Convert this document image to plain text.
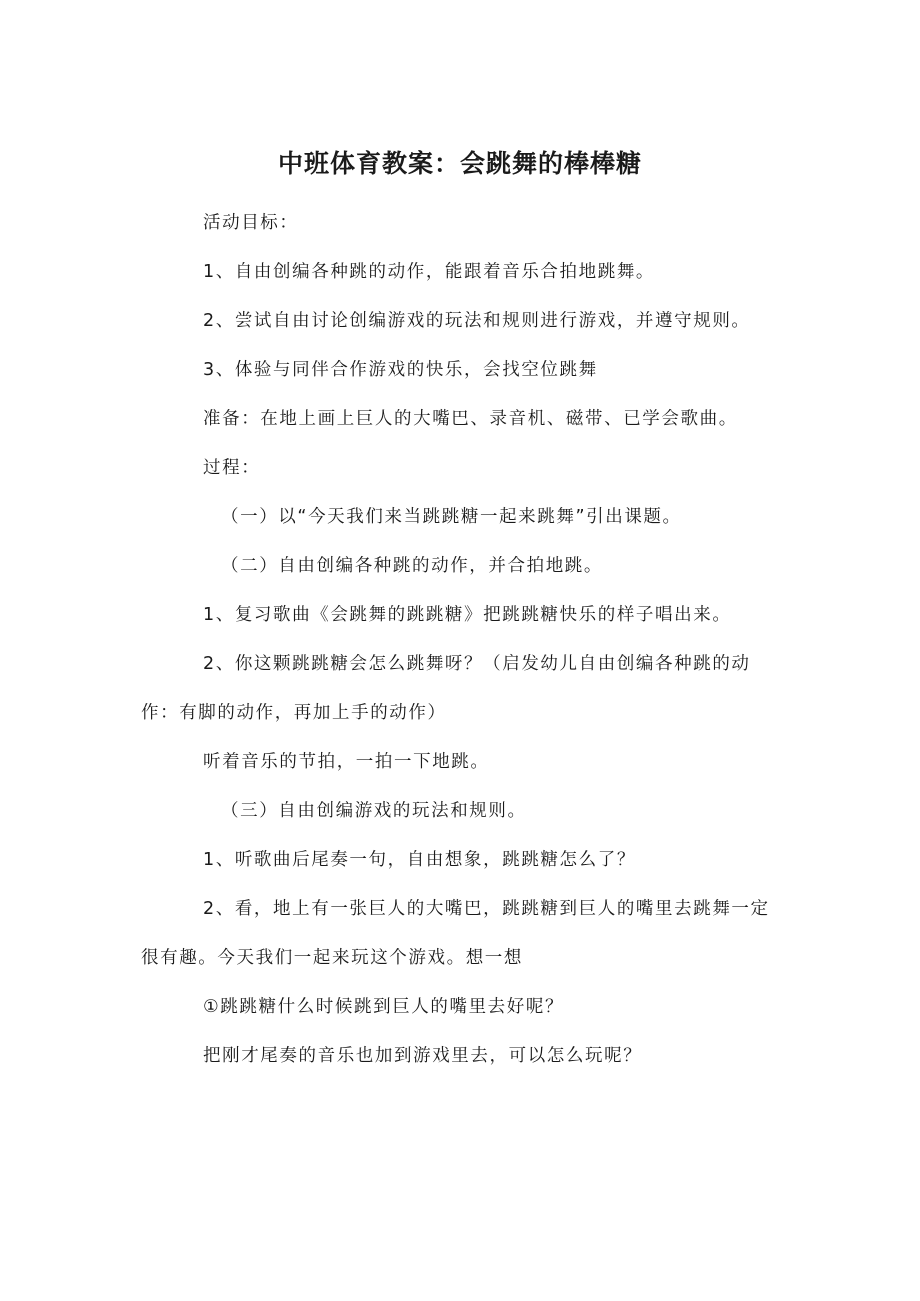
中班体育教案：会跳舞的棒棒糖

活动目标：

1、自由创编各种跳的动作，能跟着音乐合拍地跳舞。

2、尝试自由讨论创编游戏的玩法和规则进行游戏，并遵守规则。

3、体验与同伴合作游戏的快乐，会找空位跳舞

准备：在地上画上巨人的大嘴巴、录音机、磁带、已学会歌曲。

过程：

（一）以“今天我们来当跳跳糖一起来跳舞”引出课题。

（二）自由创编各种跳的动作，并合拍地跳。

1、复习歌曲《会跳舞的跳跳糖》把跳跳糖快乐的样子唱出来。

2、你这颗跳跳糖会怎么跳舞呀？（启发幼儿自由创编各种跳的动作：有脚的动作，再加上手的动作）

听着音乐的节拍，一拍一下地跳。

（三）自由创编游戏的玩法和规则。

1、听歌曲后尾奏一句，自由想象，跳跳糖怎么了？

2、看，地上有一张巨人的大嘴巴，跳跳糖到巨人的嘴里去跳舞一定很有趣。今天我们一起来玩这个游戏。想一想

①跳跳糖什么时候跳到巨人的嘴里去好呢？

把刚才尾奏的音乐也加到游戏里去，可以怎么玩呢？
